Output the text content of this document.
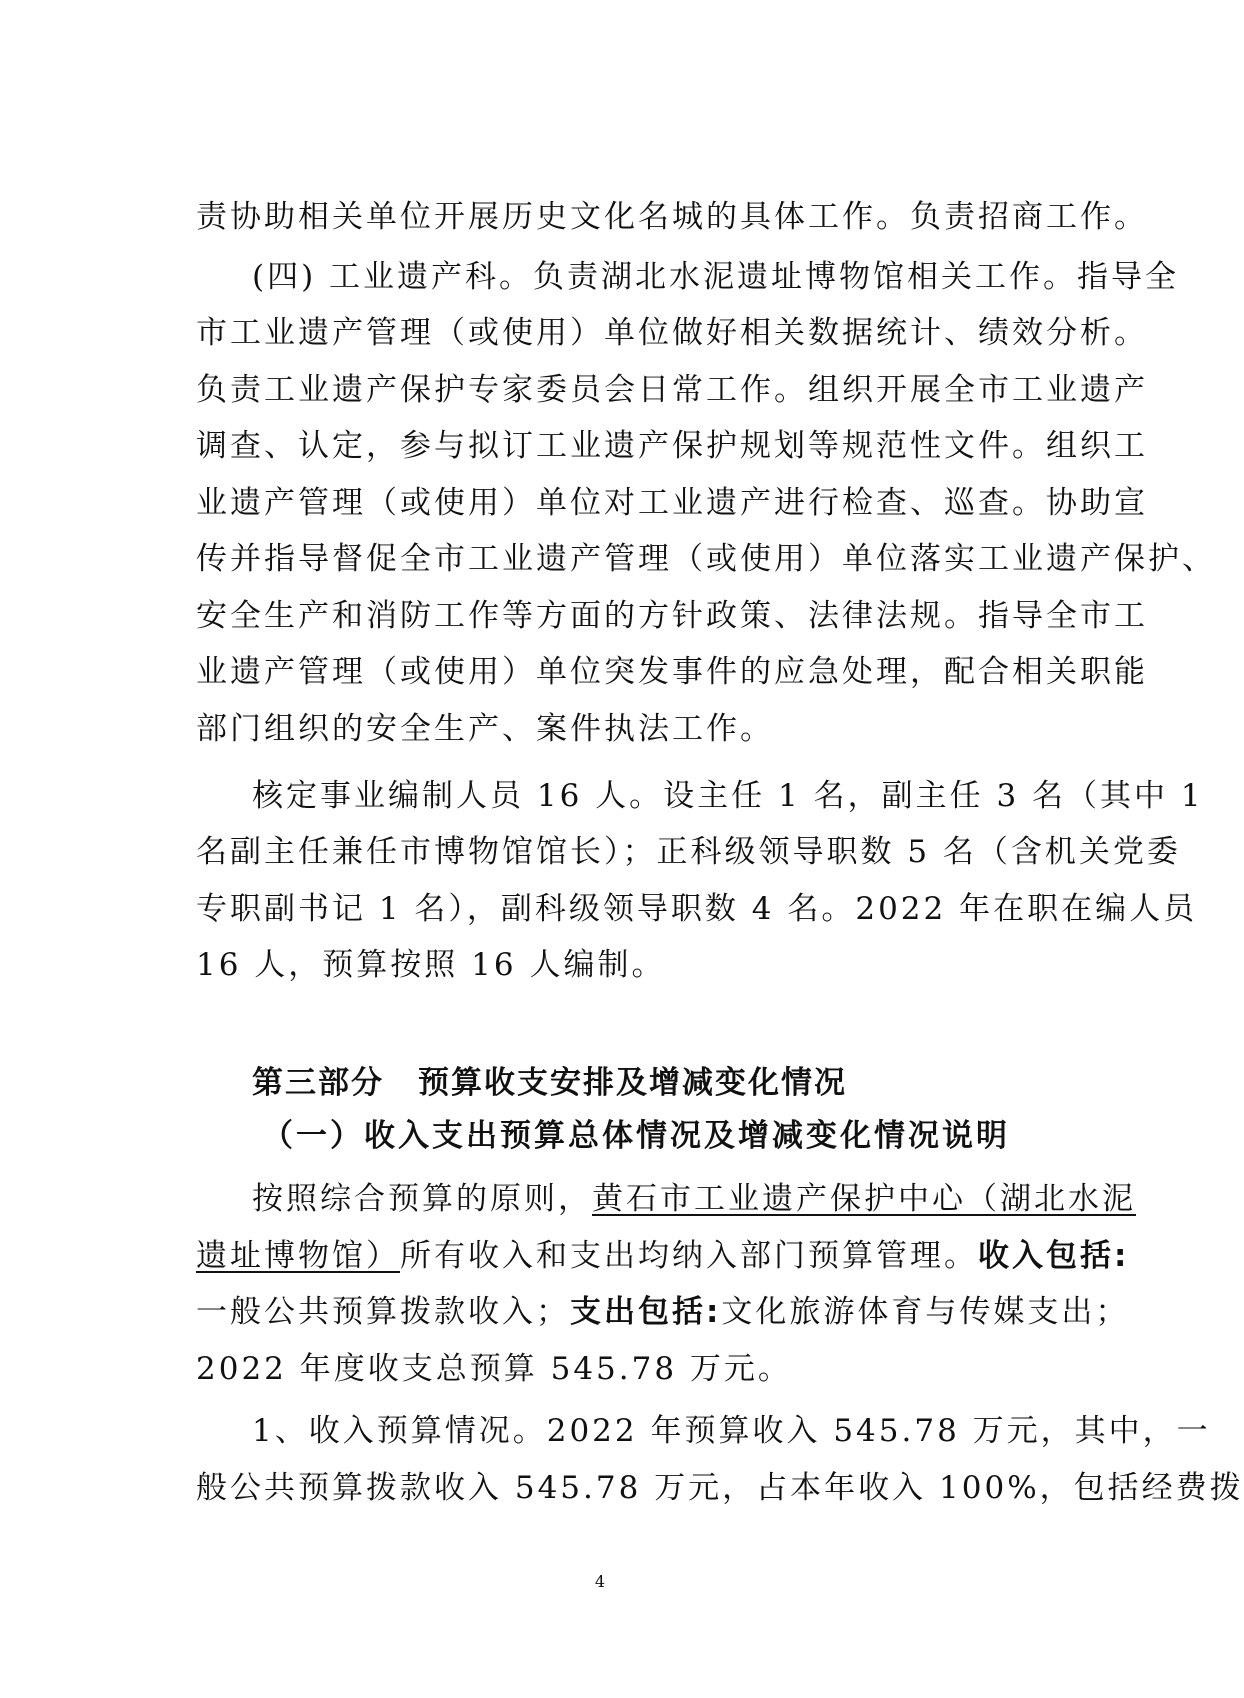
责协助相关单位开展历史文化名城的具体工作。负责招商工作。

(四) 工业遗产科。负责湖北水泥遗址博物馆相关工作。指导全

市工业遗产管理（或使用）单位做好相关数据统计、绩效分析。

负责工业遗产保护专家委员会日常工作。组织开展全市工业遗产

调查、认定，参与拟订工业遗产保护规划等规范性文件。组织工

业遗产管理（或使用）单位对工业遗产进行检查、巡查。协助宣

传并指导督促全市工业遗产管理（或使用）单位落实工业遗产保护、

安全生产和消防工作等方面的方针政策、法律法规。指导全市工

业遗产管理（或使用）单位突发事件的应急处理，配合相关职能

部门组织的安全生产、案件执法工作。

核定事业编制人员 16 人。设主任 1 名，副主任 3 名（其中 1

名副主任兼任市博物馆馆长）；正科级领导职数 5 名（含机关党委

专职副书记 1 名），副科级领导职数 4 名。2022 年在职在编人员

16 人，预算按照 16 人编制。

第三部分 预算收支安排及增减变化情况
（一）收入支出预算总体情况及增减变化情况说明

按照综合预算的原则，黄石市工业遗产保护中心（湖北水泥

遗址博物馆）所有收入和支出均纳入部门预算管理。收入包括:

一般公共预算拨款收入；支出包括:文化旅游体育与传媒支出；

2022 年度收支总预算 545.78 万元。

1、收入预算情况。2022 年预算收入 545.78 万元，其中，一

般公共预算拨款收入 545.78 万元，占本年收入 100%，包括经费拨

4
